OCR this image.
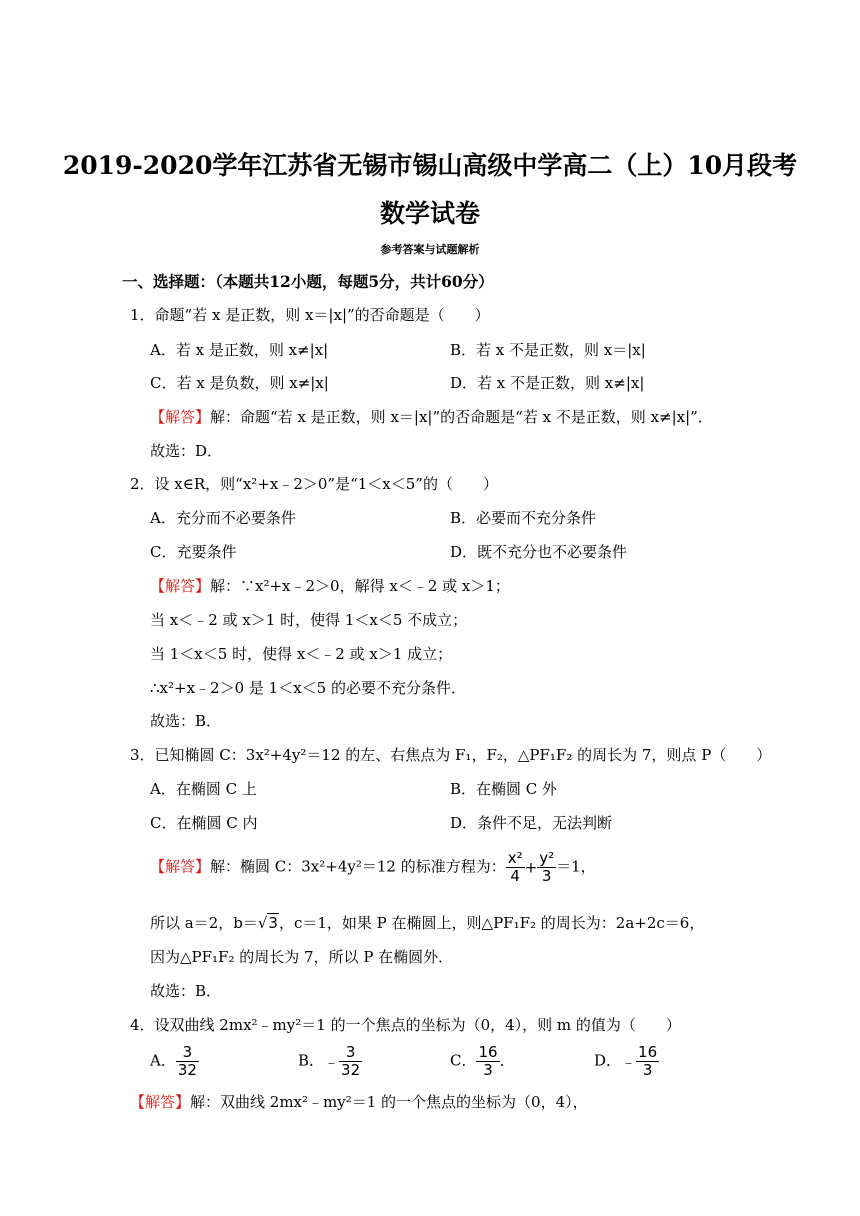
2019-2020学年江苏省无锡市锡山高级中学高二（上）10月段考
数学试卷
参考答案与试题解析
一、选择题：（本题共12小题，每题5分，共计60分）
1．命题“若 x 是正数，则 x＝|x|”的否命题是（　　）
A．若 x 是正数，则 x≠|x|	B．若 x 不是正数，则 x＝|x|
C．若 x 是负数，则 x≠|x|	D．若 x 不是正数，则 x≠|x|
【解答】解：命题“若 x 是正数，则 x＝|x|”的否命题是“若 x 不是正数，则 x≠|x|”．
故选：D．
2．设 x∈R，则“x²+x﹣2＞0”是“1＜x＜5”的（　　）
A．充分而不必要条件	B．必要而不充分条件
C．充要条件	D．既不充分也不必要条件
【解答】解：∵x²+x﹣2＞0，解得 x＜﹣2 或 x＞1；
当 x＜﹣2 或 x＞1 时，使得 1＜x＜5 不成立；
当 1＜x＜5 时，使得 x＜﹣2 或 x＞1 成立；
∴x²+x﹣2＞0 是 1＜x＜5 的必要不充分条件．
故选：B．
3．已知椭圆 C：3x²+4y²＝12 的左、右焦点为 F₁，F₂，△PF₁F₂ 的周长为 7，则点 P（　　）
A．在椭圆 C 上	B．在椭圆 C 外
C．在椭圆 C 内	D．条件不足，无法判断
【解答】解：椭圆 C：3x²+4y²＝12 的标准方程为： $\frac{\text{x²}}{4} + \frac{\text{y²}}{3} =1$，
所以 a＝2，b＝√3，c＝1，如果 P 在椭圆上，则△PF₁F₂ 的周长为：2a+2c＝6，
因为△PF₁F₂ 的周长为 7，所以 P 在椭圆外．
故选：B．
4．设双曲线 2mx²﹣my²＝1 的一个焦点的坐标为（0，4），则 m 的值为（　　）
A． $\frac{3}{32}$	B．﹣ $\frac{3}{32}$	C． $\frac{16}{3}$ ．	D．﹣ $\frac{16}{3}$
【解答】解：双曲线 2mx²﹣my²＝1 的一个焦点的坐标为（0，4），
